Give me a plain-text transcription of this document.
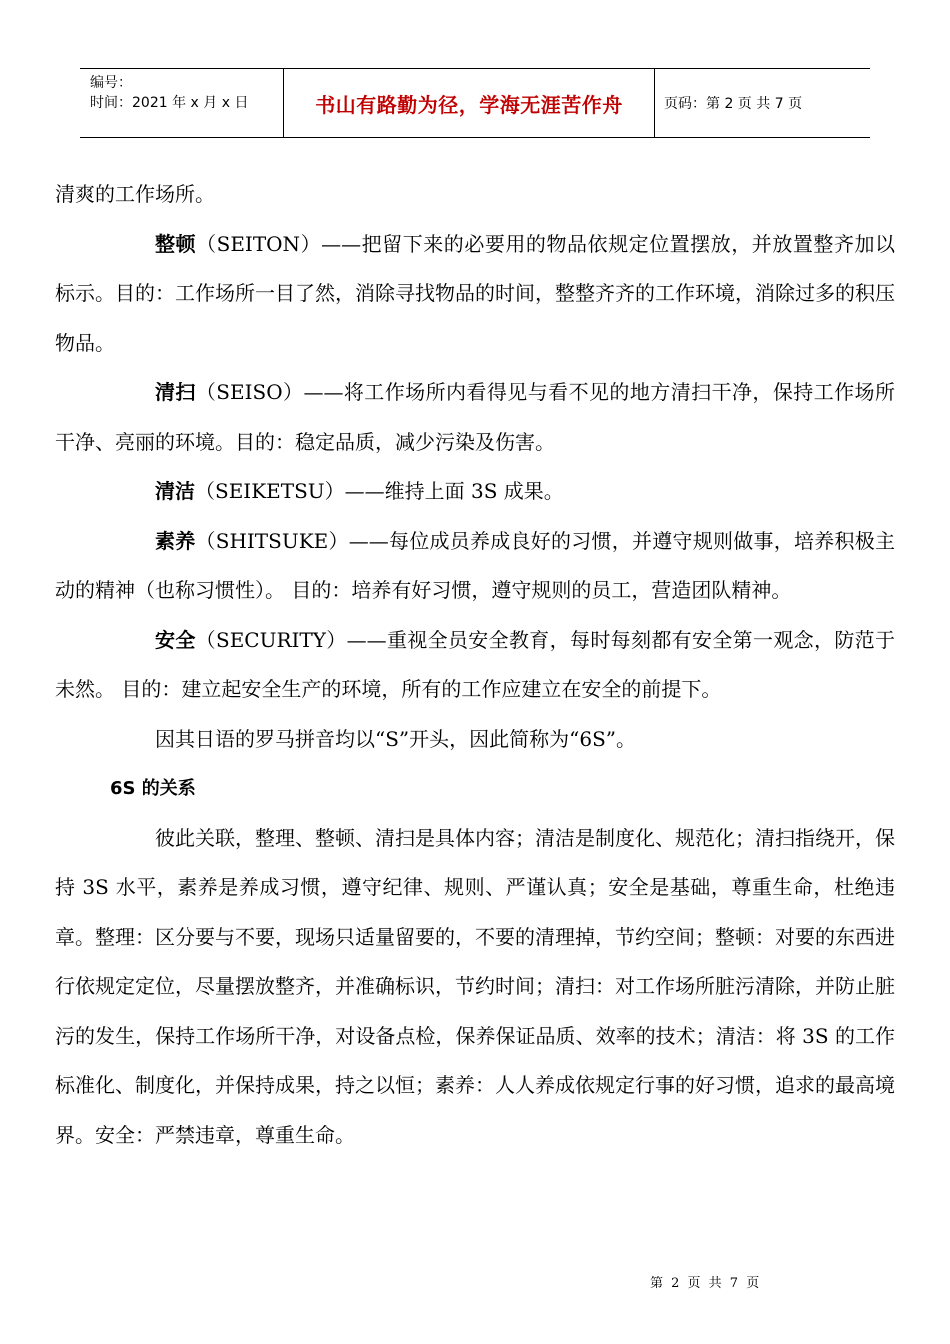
编号：
时间：2021 年 x 月 x 日	书山有路勤为径，学海无涯苦作舟	页码：第 2 页 共 7 页

清爽的工作场所。

整顿（SEITON）——把留下来的必要用的物品依规定位置摆放，并放置整齐加以标示。目的：工作场所一目了然，消除寻找物品的时间，整整齐齐的工作环境，消除过多的积压物品。

清扫（SEISO）——将工作场所内看得见与看不见的地方清扫干净，保持工作场所干净、亮丽的环境。目的：稳定品质，减少污染及伤害。

清洁（SEIKETSU）——维持上面 3S 成果。

素养（SHITSUKE）——每位成员养成良好的习惯，并遵守规则做事，培养积极主动的精神（也称习惯性）。 目的：培养有好习惯，遵守规则的员工，营造团队精神。

安全（SECURITY）——重视全员安全教育，每时每刻都有安全第一观念，防范于未然。 目的：建立起安全生产的环境，所有的工作应建立在安全的前提下。

因其日语的罗马拼音均以“S”开头，因此简称为“6S”。

6S 的关系

彼此关联，整理、整顿、清扫是具体内容；清洁是制度化、规范化；清扫指绕开，保持 3S 水平，素养是养成习惯，遵守纪律、规则、严谨认真；安全是基础，尊重生命，杜绝违章。整理：区分要与不要，现场只适量留要的，不要的清理掉，节约空间；整顿：对要的东西进行依规定定位，尽量摆放整齐，并准确标识，节约时间；清扫：对工作场所脏污清除，并防止脏污的发生，保持工作场所干净，对设备点检，保养保证品质、效率的技术；清洁：将 3S 的工作标准化、制度化，并保持成果，持之以恒；素养：人人养成依规定行事的好习惯，追求的最高境界。安全：严禁违章，尊重生命。

第 2 页 共 7 页
